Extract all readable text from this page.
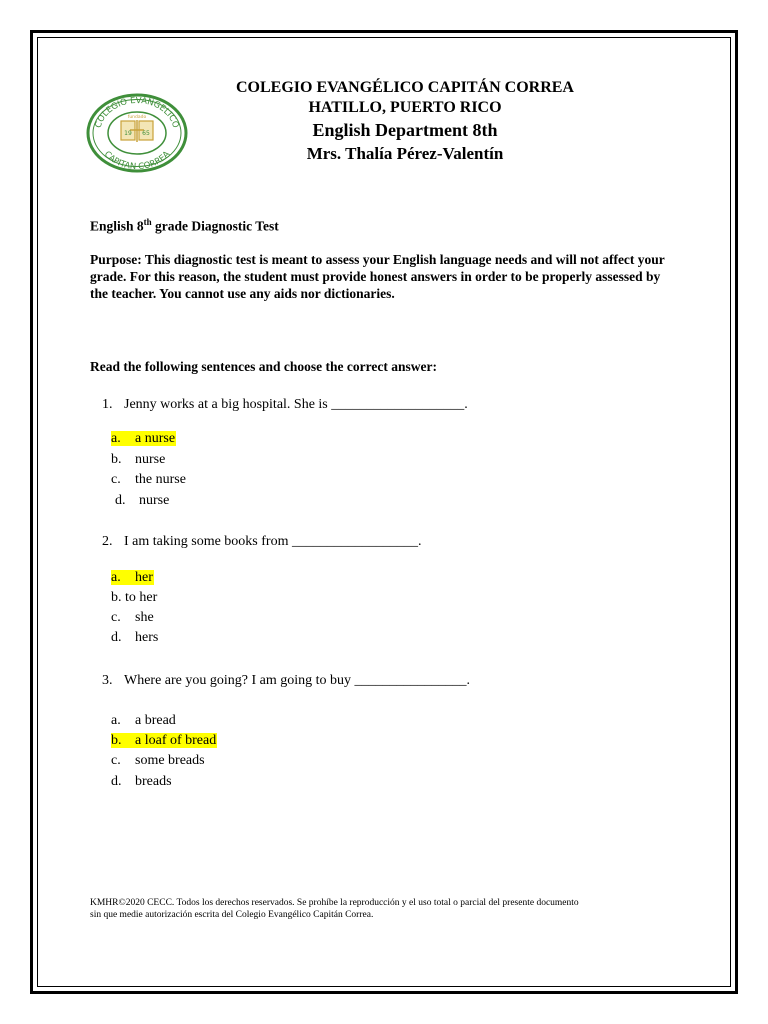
COLEGIO EVANGELICO
CAPITAN CORREA
fundado
19 65
COLEGIO EVANGÉLICO CAPITÁN CORREA
HATILLO, PUERTO RICO
English Department 8th
Mrs. Thalía Pérez-Valentín
English 8th grade Diagnostic Test
Purpose: This diagnostic test is meant to assess your English language needs and will not affect your grade. For this reason, the student must provide honest answers in order to be properly assessed by the teacher. You cannot use any aids nor dictionaries.
Read the following sentences and choose the correct answer:
1. Jenny works at a big hospital. She is ___________________.
a. a nurse
b. nurse
c. the nurse
d. nurse
2. I am taking some books from __________________.
a. her
b. to her
c. she
d. hers
3. Where are you going? I am going to buy ________________.
a. a bread
b. a loaf of bread
c. some breads
d. breads
KMHR©2020 CECC. Todos los derechos reservados. Se prohíbe la reproducción y el uso total o parcial del presente documento
sin que medie autorización escrita del Colegio Evangélico Capitán Correa.
